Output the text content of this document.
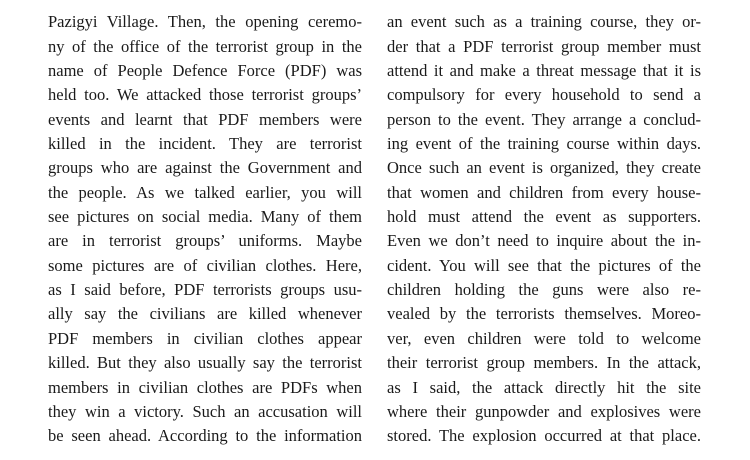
Pazigyi Village. Then, the opening ceremo-
ny of the office of the terrorist group in the
name of People Defence Force (PDF) was
held too. We attacked those terrorist groups’
events and learnt that PDF members were
killed in the incident. They are terrorist
groups who are against the Government and
the people. As we talked earlier, you will
see pictures on social media. Many of them
are in terrorist groups’ uniforms. Maybe
some pictures are of civilian clothes. Here,
as I said before, PDF terrorists groups usu-
ally say the civilians are killed whenever
PDF members in civilian clothes appear
killed. But they also usually say the terrorist
members in civilian clothes are PDFs when
they win a victory. Such an accusation will
be seen ahead. According to the information
an event such as a training course, they or-
der that a PDF terrorist group member must
attend it and make a threat message that it is
compulsory for every household to send a
person to the event. They arrange a conclud-
ing event of the training course within days.
Once such an event is organized, they create
that women and children from every house-
hold must attend the event as supporters.
Even we don’t need to inquire about the in-
cident. You will see that the pictures of the
children holding the guns were also re-
vealed by the terrorists themselves. Moreo-
ver, even children were told to welcome
their terrorist group members. In the attack,
as I said, the attack directly hit the site
where their gunpowder and explosives were
stored. The explosion occurred at that place.
